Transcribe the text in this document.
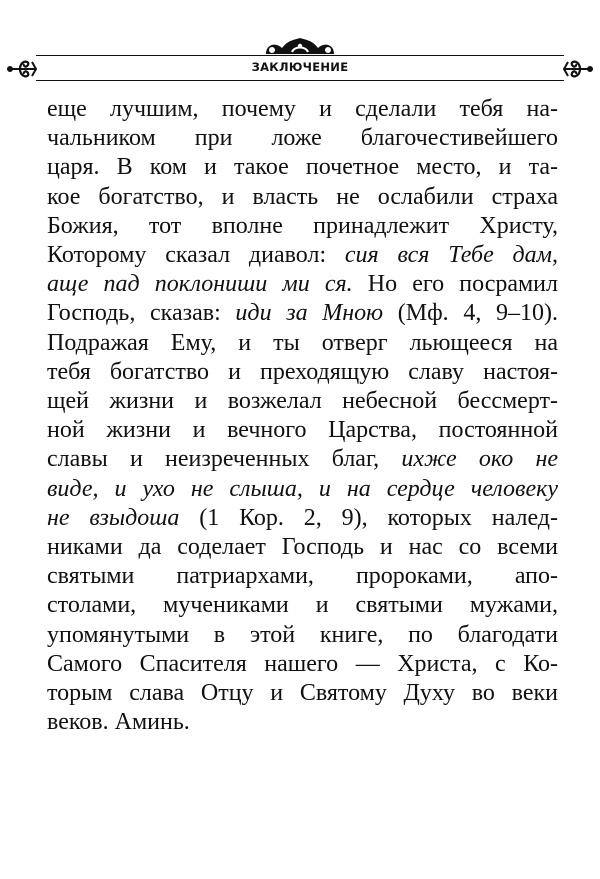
ЗАКЛЮЧЕНИЕ
еще лучшим, почему и сделали тебя на-
чальником при ложе благочестивейшего
царя. В ком и такое почетное место, и та-
кое богатство, и власть не ослабили страха
Божия, тот вполне принадлежит Христу,
Которому сказал диавол: сия вся Тебе дам,
аще пад поклониши ми ся. Но его посрамил
Господь, сказав: иди за Мною (Мф. 4, 9–10).
Подражая Ему, и ты отверг льющееся на
тебя богатство и преходящую славу настоя-
щей жизни и возжелал небесной бессмерт-
ной жизни и вечного Царства, постоянной
славы и неизреченных благ, ихже око не
виде, и ухо не слыша, и на сердце человеку
не взыдоша (1 Кор. 2, 9), которых налед-
никами да соделает Господь и нас со всеми
святыми патриархами, пророками, апо-
столами, мучениками и святыми мужами,
упомянутыми в этой книге, по благодати
Самого Спасителя нашего — Христа, с Ко-
торым слава Отцу и Святому Духу во веки
веков. Аминь.
